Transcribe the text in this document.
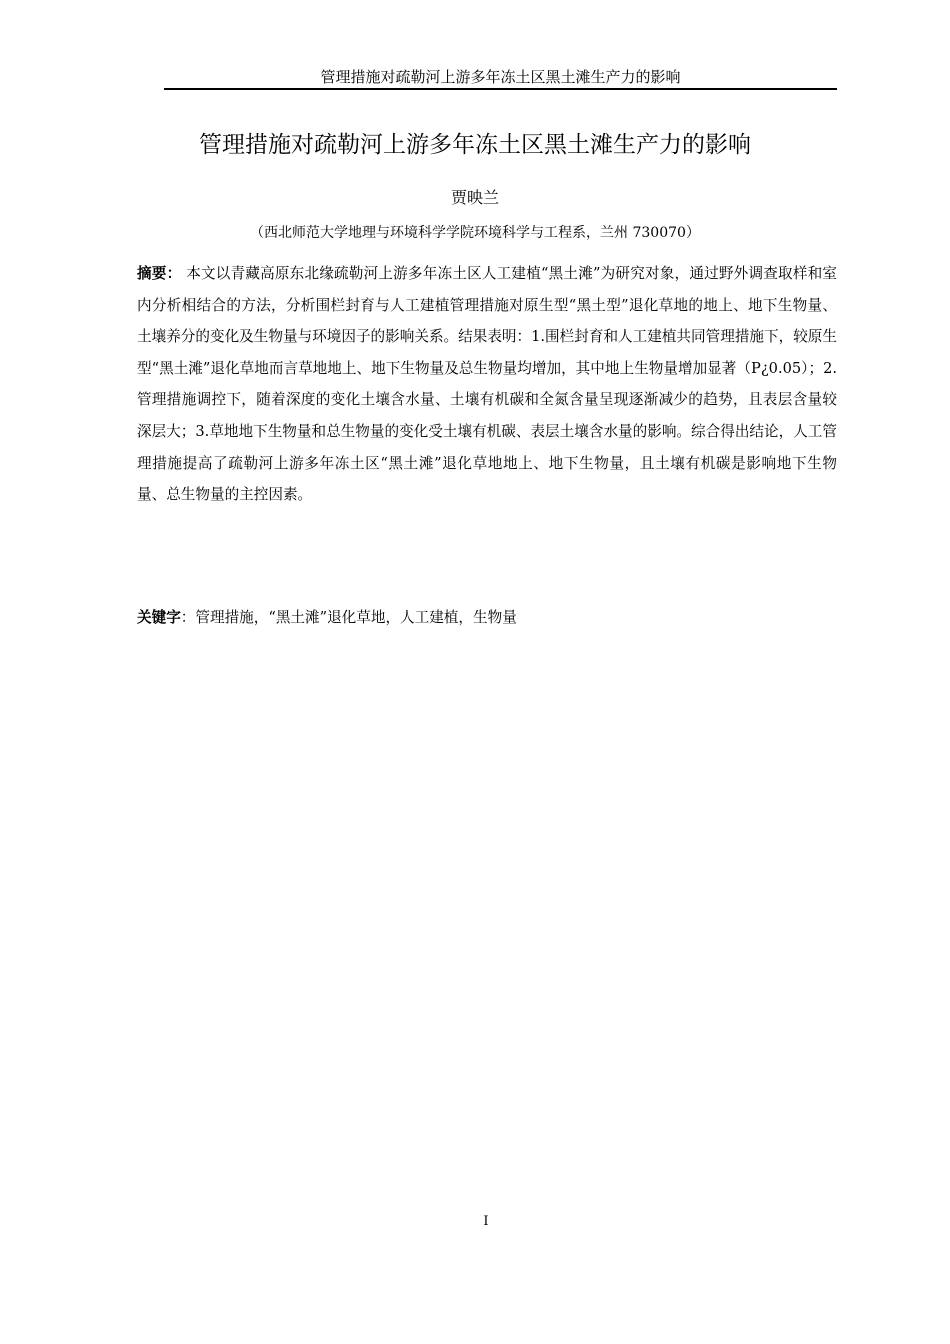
管理措施对疏勒河上游多年冻土区黑土滩生产力的影响
管理措施对疏勒河上游多年冻土区黑土滩生产力的影响
贾映兰
（西北师范大学地理与环境科学学院环境科学与工程系，兰州 730070）

摘要： 本文以青藏高原东北缘疏勒河上游多年冻土区人工建植“黑土滩”为研究对象，通过野外调查取样和室内分析相结合的方法，分析围栏封育与人工建植管理措施对原生型“黑土型”退化草地的地上、地下生物量、土壤养分的变化及生物量与环境因子的影响关系。结果表明：1.围栏封育和人工建植共同管理措施下，较原生型“黑土滩”退化草地而言草地地上、地下生物量及总生物量均增加，其中地上生物量增加显著（P¿0.05）；2.管理措施调控下，随着深度的变化土壤含水量、土壤有机碳和全氮含量呈现逐渐减少的趋势，且表层含量较深层大；3.草地地下生物量和总生物量的变化受土壤有机碳、表层土壤含水量的影响。综合得出结论，人工管理措施提高了疏勒河上游多年冻土区“黑土滩”退化草地地上、地下生物量，且土壤有机碳是影响地下生物量、总生物量的主控因素。

关键字：管理措施，“黑土滩”退化草地，人工建植，生物量

I
